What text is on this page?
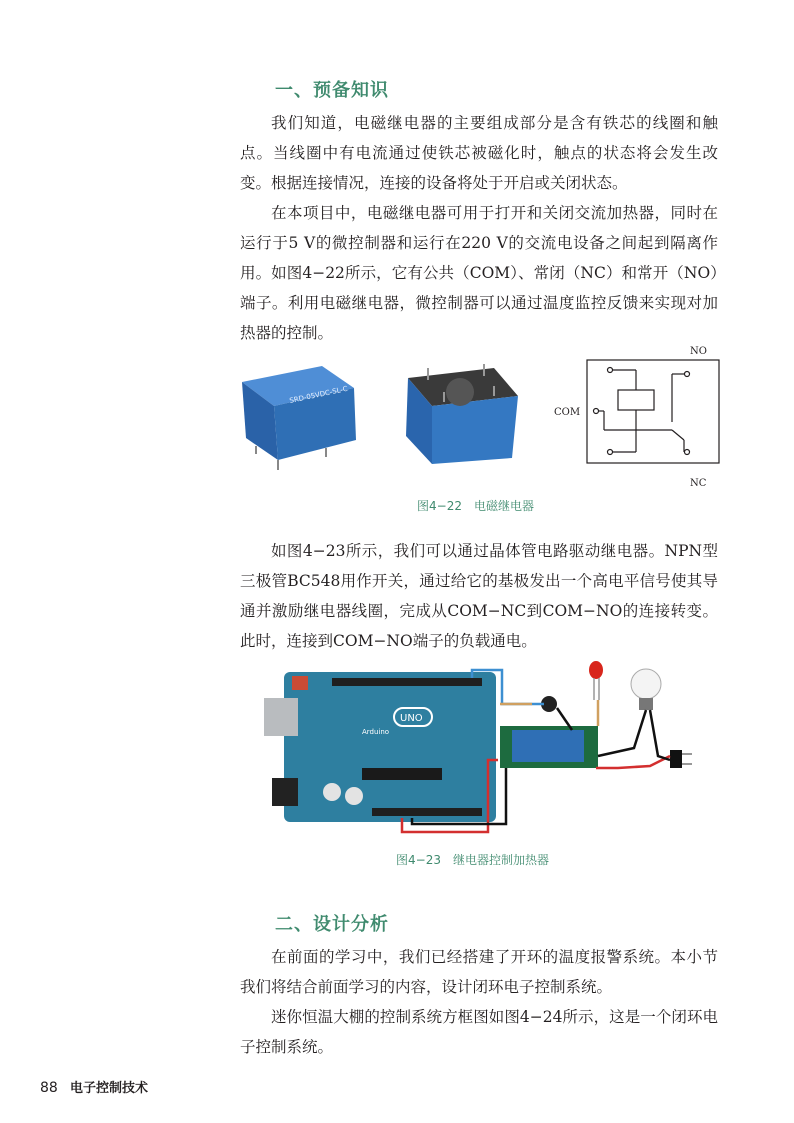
一、预备知识

我们知道，电磁继电器的主要组成部分是含有铁芯的线圈和触点。当线圈中有电流通过使铁芯被磁化时，触点的状态将会发生改变。根据连接情况，连接的设备将处于开启或关闭状态。

在本项目中，电磁继电器可用于打开和关闭交流加热器，同时在运行于5 V的微控制器和运行在220 V的交流电设备之间起到隔离作用。如图4−22所示，它有公共（COM）、常闭（NC）和常开（NO）端子。利用电磁继电器，微控制器可以通过温度监控反馈来实现对加热器的控制。

SRD-05VDC-SL-C
NO
COM
NC
图4−22　电磁继电器

如图4−23所示，我们可以通过晶体管电路驱动继电器。NPN型三极管BC548用作开关，通过给它的基极发出一个高电平信号使其导通并激励继电器线圈，完成从COM−NC到COM−NO的连接转变。此时，连接到COM−NO端子的负载通电。

UNO
Arduino
图4−23　继电器控制加热器
二、设计分析

在前面的学习中，我们已经搭建了开环的温度报警系统。本小节我们将结合前面学习的内容，设计闭环电子控制系统。

迷你恒温大棚的控制系统方框图如图4−24所示，这是一个闭环电子控制系统。

88 电子控制技术
